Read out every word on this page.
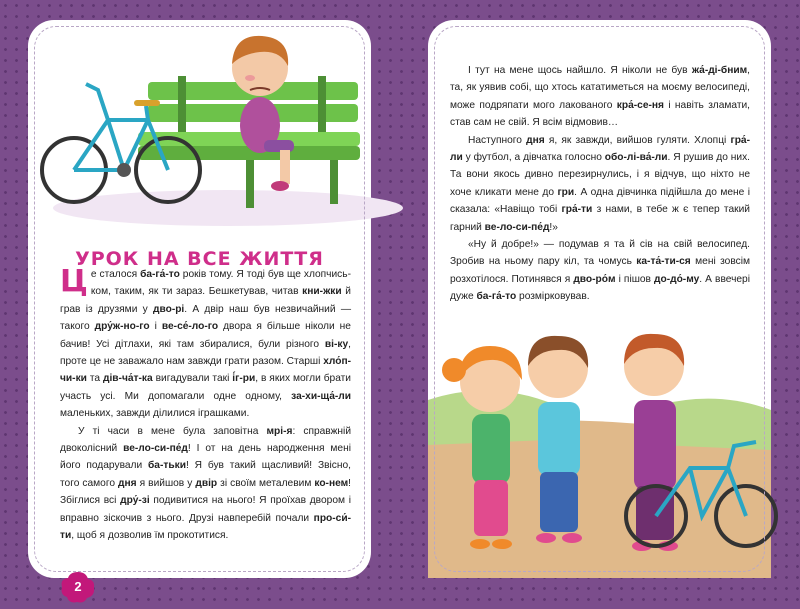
УРОК НА ВСЕ ЖИТТЯ

Ц е сталося ба-га́-то років тому. Я тоді був ще хлопчись-ком, таким, як ти зараз. Бешкетував, читав кни-жки й грав із друзями у дво-рі. А двір наш був незвичайний — такого дру́ж-но-го і ве-се́-ло-го двора я більше ніколи не бачив! Усі дітлахи, які там збиралися, були різного ві-ку, проте це не заважало нам завжди грати разом. Старші хло́п-чи-ки та дів-ча́т-ка вигадували такі і́г-ри, в яких могли брати участь усі. Ми допомагали одне одному, за-хи-ща́-ли маленьких, завжди ділилися іграшками.

У ті часи в мене була заповітна мрі-я: справжній двоколісний ве-ло-си-пе́д! І от на день народження мені його подарували ба-тьки! Я був такий щасливий! Звісно, того самого дня я вийшов у двір зі своїм металевим ко-нем! Збіглися всі дру́-зі подивитися на нього! Я проїхав двором і вправно зіскочив з нього. Друзі навперебій почали про-си́-ти, щоб я дозволив їм прокотитися.

2

І тут на мене щось найшло. Я ніколи не був жа́-ді-бним, та, як уявив собі, що хтось кататиметься на моєму велосипеді, може подряпати мого лакованого кра́-се-ня і навіть зламати, став сам не свій. Я всім відмовив…

Наступного дня я, як завжди, вийшов гуляти. Хлопці гра́-ли у футбол, а дівчатка голосно обо-лі-ва́-ли. Я рушив до них. Та вони якось дивно перезирнулись, і я відчув, що ніхто не хоче кликати мене до гри. А одна дівчинка підійшла до мене і сказала: «Навіщо тобі гра́-ти з нами, в тебе ж є тепер такий гарний ве-ло-си-пе́д!»

«Ну й добре!» — подумав я та й сів на свій велосипед. Зробив на ньому пару кіл, та чомусь ка-та́-ти-ся мені зовсім розхотілося. Потинявся я дво-ро́м і пішов до-до́-му. А ввечері дуже ба-га́-то розмірковував.
